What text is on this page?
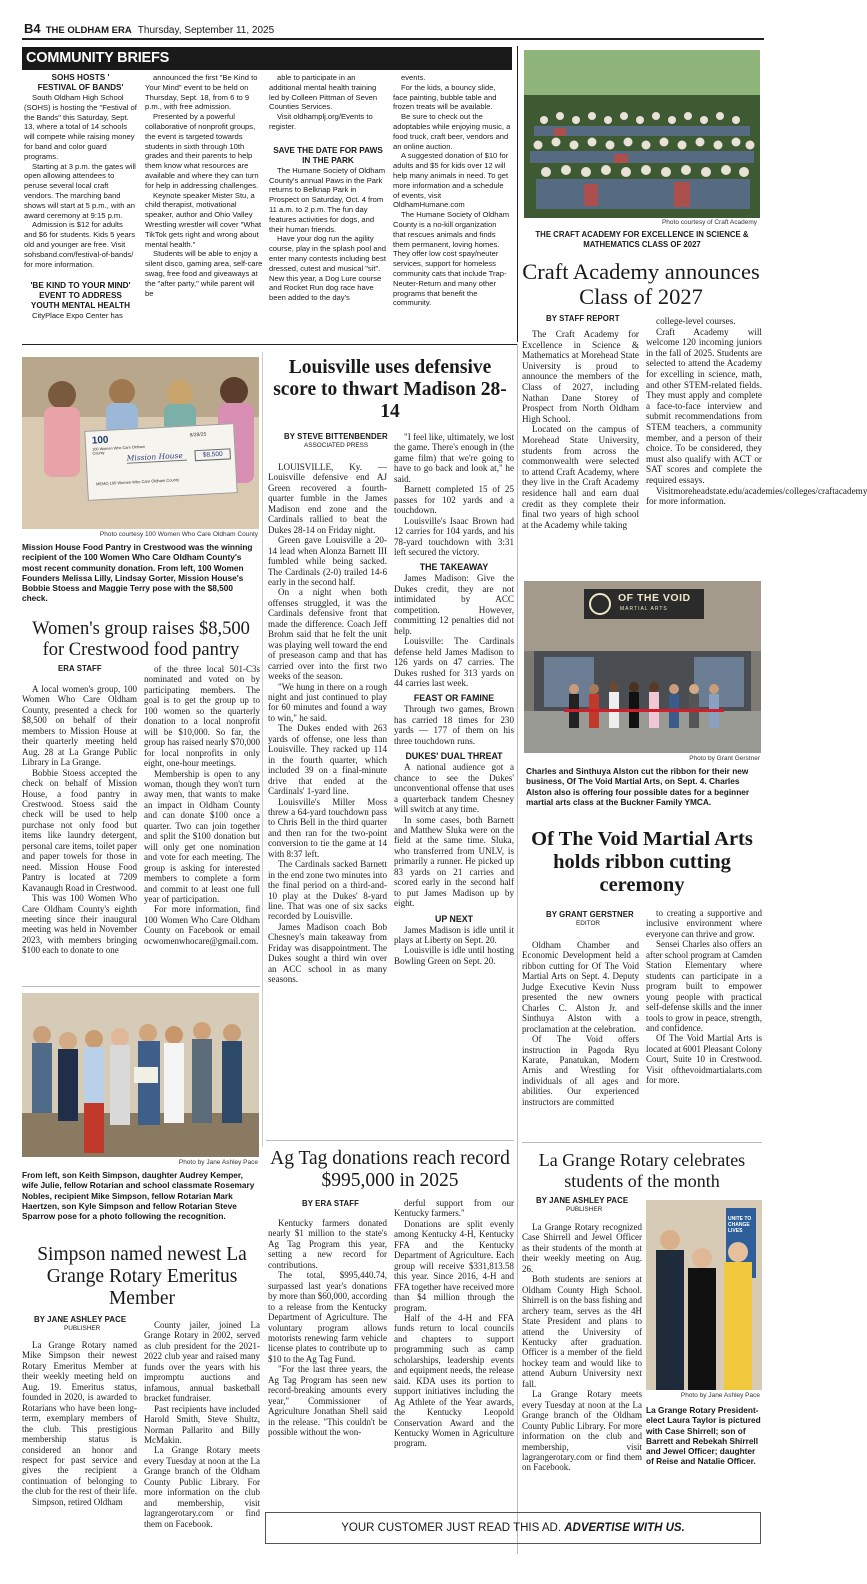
B4 THE OLDHAM ERA Thursday, September 11, 2025
COMMUNITY BRIEFS
SOHS HOSTS '
FESTIVAL OF BANDS'

South Oldham High School (SOHS) is hosting the "Festival of the Bands" this Saturday, Sept. 13, where a total of 14 schools will compete while raising money for band and color guard programs.

Starting at 3 p.m. the gates will open allowing attendees to peruse several local craft vendors. The marching band shows will start at 5 p.m., with an award ceremony at 9:15 p.m.

Admission is $12 for adults and $6 for students. Kids 5 years old and younger are free. Visit sohsband.com/festival-of-bands/ for more information.

'BE KIND TO YOUR MIND' EVENT TO ADDRESS YOUTH MENTAL HEALTH

CityPlace Expo Center has

announced the first "Be Kind to Your Mind" event to be held on Thursday, Sept. 18, from 6 to 9 p.m., with free admission.

Presented by a powerful collaborative of nonprofit groups, the event is targeted towards students in sixth through 10th grades and their parents to help them know what resources are available and where they can turn for help in addressing challenges.

Keynote speaker Mister Stu, a child therapist, motivational speaker, author and Ohio Valley Wrestling wrestler will cover "What TikTok gets right and wrong about mental health."

Students will be able to enjoy a silent disco, gaming area, self-care swag, free food and giveaways at the "after party," while parent will be

able to participate in an additional mental health training led by Colleen Pittman of Seven Counties Services.

Visit oldhamplj.org/Events to register.

SAVE THE DATE FOR PAWS IN THE PARK

The Humane Society of Oldham County's annual Paws in the Park returns to Belknap Park in Prospect on Saturday, Oct. 4 from 11 a.m. to 2 p.m. The fun day features activities for dogs, and their human friends.

Have your dog run the agility course, play in the splash pool and enter many contests including best dressed, cutest and musical "sit". New this year, a Dog Lure course and Rocket Run dog race have been added to the day's

events.

For the kids, a bouncy slide, face painting, bubble table and frozen treats will be available.

Be sure to check out the adoptables while enjoying music, a food truck, craft beer, vendors and an online auction.

A suggested donation of $10 for adults and $5 for kids over 12 will help many animals in need. To get more information and a schedule of events, visit OldhamHumane.com

The Humane Society of Oldham County is a no-kill organization that rescues animals and finds them permanent, loving homes. They offer low cost spay/neuter services, support for homeless community cats that include Trap-Neuter-Return and many other programs that benefit the community.

Photo courtesy of Craft Academy
THE CRAFT ACADEMY FOR EXCELLENCE IN SCIENCE & MATHEMATICS CLASS OF 2027
Craft Academy announces Class of 2027
BY STAFF REPORT

The Craft Academy for Excellence in Science & Mathematics at Morehead State University is proud to announce the members of the Class of 2027, including Nathan Dane Storey of Prospect from North Oldham High School.

Located on the campus of Morehead State University, students from across the commonwealth were selected to attend Craft Academy, where they live in the Craft Academy residence hall and earn dual credit as they complete their final two years of high school at the Academy while taking

college-level courses.

Craft Academy will welcome 120 incoming juniors in the fall of 2025. Students are selected to attend the Academy for excelling in science, math, and other STEM-related fields. They must apply and complete a face-to-face interview and submit recommendations from STEM teachers, a community member, and a person of their choice. To be considered, they must also qualify with ACT or SAT scores and complete the required essays.

Visitmoreheadstate.edu/academies/colleges/craftacademy for more information.

100
100 Women Who Care Oldham County
8/28/25
Mission House	$8,500
MEMO 100 Women Who Care Oldham County
Photo courtesy 100 Women Who Care Oldham County
Mission House Food Pantry in Crestwood was the winning recipient of the 100 Women Who Care Oldham County's most recent community donation. From left, 100 Women Founders Melissa Lilly, Lindsay Gorter, Mission House's Bobbie Stoess and Maggie Terry pose with the $8,500 check.
Women's group raises $8,500 for Crestwood food pantry
ERA STAFF

A local women's group, 100 Women Who Care Oldham County, presented a check for $8,500 on behalf of their members to Mission House at their quarterly meeting held Aug. 28 at La Grange Public Library in La Grange.

Bobbie Stoess accepted the check on behalf of Mission House, a food pantry in Crestwood. Stoess said the check will be used to help purchase not only food but items like laundry detergent, personal care items, toilet paper and paper towels for those in need. Mission House Food Pantry is located at 7209 Kavanaugh Road in Crestwood.

This was 100 Women Who Care Oldham County's eighth meeting since their inaugural meeting was held in November 2023, with members bringing $100 each to donate to one

of the three local 501-C3s nominated and voted on by participating members. The goal is to get the group up to 100 women so the quarterly donation to a local nonprofit will be $10,000. So far, the group has raised nearly $70,000 for local nonprofits in only eight, one-hour meetings.

Membership is open to any woman, though they won't turn away men, that wants to make an impact in Oldham County and can donate $100 once a quarter. Two can join together and split the $100 donation but will only get one nomination and vote for each meeting. The group is asking for interested members to complete a form and commit to at least one full year of participation.

For more information, find 100 Women Who Care Oldham County on Facebook or email ocwomenwhocare@gmail.com.

Photo by Jane Ashley Pace
From left, son Keith Simpson, daughter Audrey Kemper, wife Julie, fellow Rotarian and school classmate Rosemary Nobles, recipient Mike Simpson, fellow Rotarian Mark Haertzen, son Kyle Simpson and fellow Rotarian Steve Sparrow pose for a photo following the recognition.
Simpson named newest La Grange Rotary Emeritus Member
BY JANE ASHLEY PACE
PUBLISHER

La Grange Rotary named Mike Simpson their newest Rotary Emeritus Member at their weekly meeting held on Aug. 19. Emeritus status, founded in 2020, is awarded to Rotarians who have been long-term, exemplary members of the club. This prestigious membership status is considered an honor and respect for past service and gives the recipient a continuation of belonging to the club for the rest of their life.

Simpson, retired Oldham

County jailer, joined La Grange Rotary in 2002, served as club president for the 2021-2022 club year and raised many funds over the years with his impromptu auctions and infamous, annual basketball bracket fundraiser.

Past recipients have included Harold Smith, Steve Shultz, Norman Pallarito and Billy McMakin.

La Grange Rotary meets every Tuesday at noon at the La Grange branch of the Oldham County Public Library. For more information on the club and membership, visit lagrangerotary.com or find them on Facebook.

Louisville uses defensive score to thwart Madison 28-14
BY STEVE BITTENBENDER
ASSOCIATED PRESS

LOUISVILLE, Ky. — Louisville defensive end AJ Green recovered a fourth-quarter fumble in the James Madison end zone and the Cardinals rallied to beat the Dukes 28-14 on Friday night.

Green gave Louisville a 20-14 lead when Alonza Barnett III fumbled while being sacked. The Cardinals (2-0) trailed 14-6 early in the second half.

On a night when both offenses struggled, it was the Cardinals defensive front that made the difference. Coach Jeff Brohm said that he felt the unit was playing well toward the end of preseason camp and that has carried over into the first two weeks of the season.

"We hung in there on a rough night and just continued to play for 60 minutes and found a way to win," he said.

The Dukes ended with 263 yards of offense, one less than Louisville. They racked up 114 in the fourth quarter, which included 39 on a final-minute drive that ended at the Cardinals' 1-yard line.

Louisville's Miller Moss threw a 64-yard touchdown pass to Chris Bell in the third quarter and then ran for the two-point conversion to tie the game at 14 with 8:37 left.

The Cardinals sacked Barnett in the end zone two minutes into the final period on a third-and-10 play at the Dukes' 8-yard line. That was one of six sacks recorded by Louisville.

James Madison coach Bob Chesney's main takeaway from Friday was disappointment. The Dukes sought a third win over an ACC school in as many seasons.

"I feel like, ultimately, we lost the game. There's enough in (the game film) that we're going to have to go back and look at," he said.

Barnett completed 15 of 25 passes for 102 yards and a touchdown.

Louisville's Isaac Brown had 12 carries for 104 yards, and his 78-yard touchdown with 3:31 left secured the victory.

THE TAKEAWAY

James Madison: Give the Dukes credit, they are not intimidated by ACC competition. However, committing 12 penalties did not help.

Louisville: The Cardinals defense held James Madison to 126 yards on 47 carries. The Dukes rushed for 313 yards on 44 carries last week.

FEAST OR FAMINE

Through two games, Brown has carried 18 times for 230 yards — 177 of them on his three touchdown runs.

DUKES' DUAL THREAT

A national audience got a chance to see the Dukes' unconventional offense that uses a quarterback tandem Chesney will switch at any time.

In some cases, both Barnett and Matthew Sluka were on the field at the same time. Sluka, who transferred from UNLV, is primarily a runner. He picked up 83 yards on 21 carries and scored early in the second half to put James Madison up by eight.

UP NEXT

James Madison is idle until it plays at Liberty on Sept. 20.

Louisville is idle until hosting Bowling Green on Sept. 20.

Ag Tag donations reach record $995,000 in 2025
BY ERA STAFF

Kentucky farmers donated nearly $1 million to the state's Ag Tag Program this year, setting a new record for contributions.

The total, $995,440.74, surpassed last year's donations by more than $60,000, according to a release from the Kentucky Department of Agriculture. The voluntary program allows motorists renewing farm vehicle license plates to contribute up to $10 to the Ag Tag Fund.

"For the last three years, the Ag Tag Program has seen new record-breaking amounts every year," Commissioner of Agriculture Jonathan Shell said in the release. "This couldn't be possible without the won-

derful support from our Kentucky farmers."

Donations are split evenly among Kentucky 4-H, Kentucky FFA and the Kentucky Department of Agriculture. Each group will receive $331,813.58 this year. Since 2016, 4-H and FFA together have received more than $4 million through the program.

Half of the 4-H and FFA funds return to local councils and chapters to support programming such as camp scholarships, leadership events and equipment needs, the release said. KDA uses its portion to support initiatives including the Ag Athlete of the Year awards, the Kentucky Leopold Conservation Award and the Kentucky Women in Agriculture program.

OF THE VOID
MARTIAL ARTS
Photo by Grant Gerstner
Charles and Sinthuya Alston cut the ribbon for their new business, Of The Void Martial Arts, on Sept. 4. Charles Alston also is offering four possible dates for a beginner martial arts class at the Buckner Family YMCA.
Of The Void Martial Arts holds ribbon cutting ceremony
BY GRANT GERSTNER
EDITOR

Oldham Chamber and Economic Development held a ribbon cutting for Of The Void Martial Arts on Sept. 4. Deputy Judge Executive Kevin Nuss presented the new owners Charles C. Alston Jr. and Sinthuya Alston with a proclamation at the celebration.

Of The Void offers instruction in Pagoda Ryu Karate, Panatukan, Modern Arnis and Wrestling for individuals of all ages and abilities. Our experienced instructors are committed

to creating a supportive and inclusive environment where everyone can thrive and grow.

Sensei Charles also offers an after school program at Camden Station Elementary where students can participate in a program built to empower young people with practical self-defense skills and the inner tools to grow in peace, strength, and confidence.

Of The Void Martial Arts is located at 6001 Pleasant Colony Court, Suite 10 in Crestwood. Visit ofthevoidmartialarts.com for more.

La Grange Rotary celebrates students of the month
BY JANE ASHLEY PACE
PUBLISHER

La Grange Rotary recognized Case Shirrell and Jewel Officer as their students of the month at their weekly meeting on Aug. 26.

Both students are seniors at Oldham County High School. Shirrell is on the bass fishing and archery team, serves as the 4H State President and plans to attend the University of Kentucky after graduation. Officer is a member of the field hockey team and would like to attend Auburn University next fall.

La Grange Rotary meets every Tuesday at noon at the La Grange branch of the Oldham County Public Library. For more information on the club and membership, visit lagrangerotary.com or find them on Facebook.

UNITE TO CHANGE LIVES
Photo by Jane Ashley Pace
La Grange Rotary President-elect Laura Taylor is pictured with Case Shirrell; son of Barrett and Rebekah Shirrell and Jewel Officer; daughter of Reise and Natalie Officer.
YOUR CUSTOMER JUST READ THIS AD. ADVERTISE WITH US.
